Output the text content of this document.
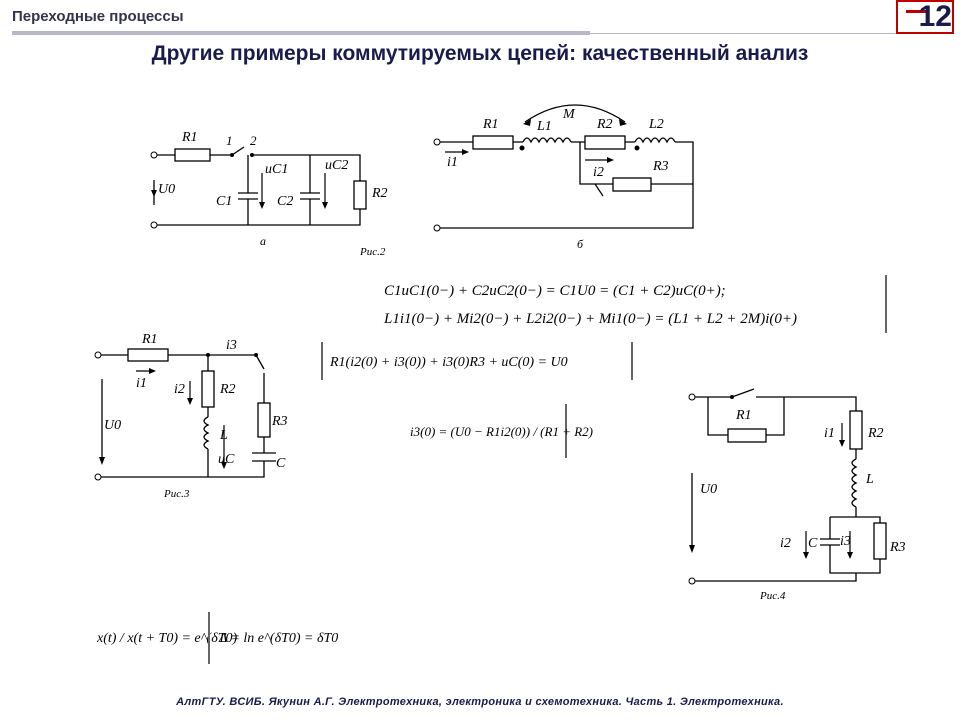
Переходные процессы	12
Другие примеры коммутируемых цепей: качественный анализ
R1 1 2
U0
C1
uC1
C2
uC2
R2
а
Рис.2
R1	L1
M
R2	L2
i1
i2	R3
б
C1uC1(0−) + C2uC2(0−) = C1U0 = (C1 + C2)uC(0+);
L1i1(0−) + Mi2(0−) + L2i2(0−) + Mi1(0−) = (L1 + L2 + 2M)i(0+)
R1	i3
i1 i2	R2
R3
U0
L
uC	C
Рис.3
R1(i2(0) + i3(0)) + i3(0)R3 + uC(0) = U0
i3(0) = (U0 − R1i2(0)) / (R1 + R2)
R1
R2
i1
L
U0
i2 C i3	R3
Рис.4
x(t) / x(t + T0) = e^(δT0)
Δ = ln e^(δT0) = δT0
АлтГТУ. ВСИБ. Якунин А.Г. Электротехника, электроника и схемотехника. Часть 1. Электротехника.
